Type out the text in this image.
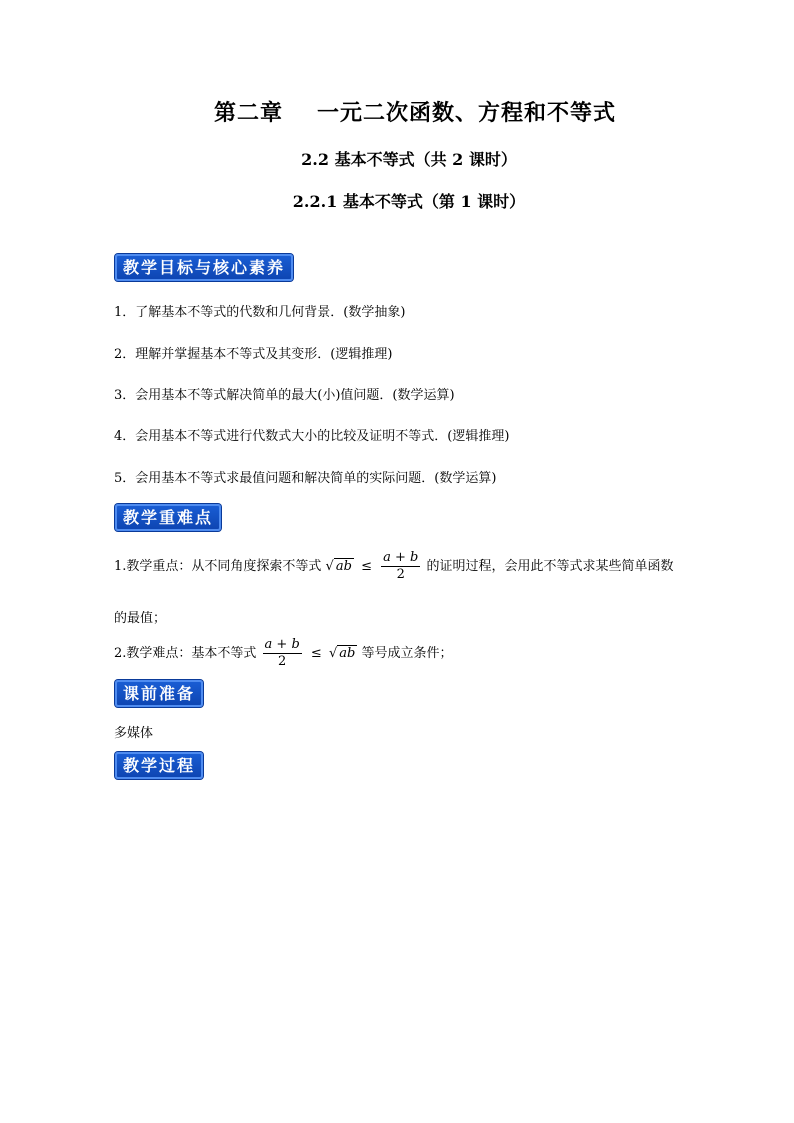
第二章 一元二次函数、方程和不等式
2.2 基本不等式（共 2 课时）
2.2.1 基本不等式（第 1 课时）
教学目标与核心素养
1．了解基本不等式的代数和几何背景．(数学抽象)
2．理解并掌握基本不等式及其变形．(逻辑推理)
3．会用基本不等式解决简单的最大(小)值问题．(数学运算)
4．会用基本不等式进行代数式大小的比较及证明不等式．(逻辑推理)
5．会用基本不等式求最值问题和解决简单的实际问题．(数学运算)
教学重难点
1.教学重点：从不同角度探索不等式 √ ab ≤ $\frac{a + b}{2}$ 的证明过程，会用此不等式求某些简单函数
的最值；
2.教学难点：基本不等式 $\frac{a + b}{2}$ ≤ √ ab 等号成立条件；
课前准备
多媒体
教学过程
